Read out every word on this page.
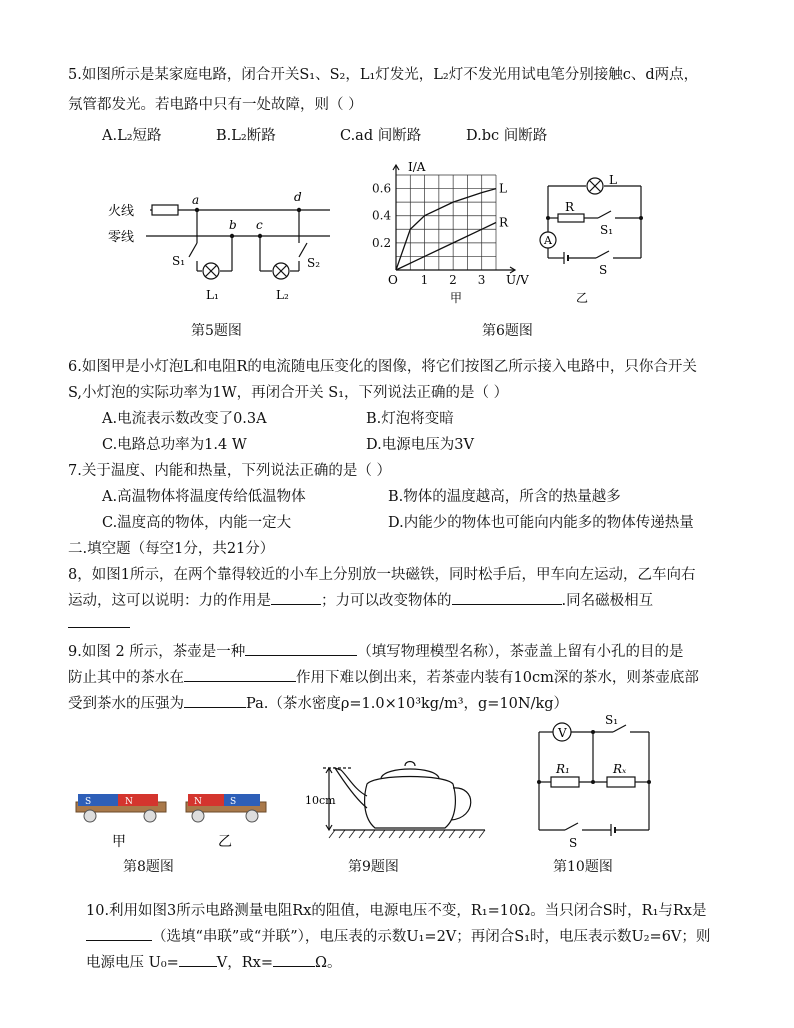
5.如图所示是某家庭电路，闭合开关S₁、S₂，L₁灯发光，L₂灯不发光用试电笔分别接触c、d两点，
氖管都发光。若电路中只有一处故障，则（ ）
A.L₂短路	B.L₂断路	C.ad 间断路	D.bc 间断路
火线
零线
a
b c
d
S₁	S₂
L₁	L₂
第5题图
L
R
1 2 3
0.2
0.4
0.6
I/A
U/V
O
甲
L
R
S₁
A
S
乙
第6题图
6.如图甲是小灯泡L和电阻R的电流随电压变化的图像，将它们按图乙所示接入电路中，只你合开关
S,小灯泡的实际功率为1W，再闭合开关 S₁，下列说法正确的是（ ）
A.电流表示数改变了0.3A	B.灯泡将变暗
C.电路总功率为1.4 W	D.电源电压为3V
7.关于温度、内能和热量，下列说法正确的是（ ）
A.高温物体将温度传给低温物体	B.物体的温度越高，所含的热量越多
C.温度高的物体，内能一定大	D.内能少的物体也可能向内能多的物体传递热量
二.填空题（每空1分，共21分）
8，如图1所示，在两个靠得较近的小车上分别放一块磁铁，同时松手后，甲车向左运动，乙车向右
运动，这可以说明：力的作用是	；力可以改变物体的	.同名磁极相互
9.如图 2 所示，茶壶是一种	（填写物理模型名称），茶壶盖上留有小孔的目的是
防止其中的茶水在	作用下难以倒出来，若茶壶内装有10cm深的茶水，则茶壶底部
受到茶水的压强为	Pa.（茶水密度ρ=1.0×10³kg/m³，g=10N/kg）
S	N	N	S
甲	乙
第8题图
10cm
第9题图
V
S₁
R₁	Rₓ
S
第10题图
10.利用如图3所示电路测量电阻Rx的阻值，电源电压不变，R₁=10Ω。当只闭合S时，R₁与Rx是
（选填“串联”或“并联”），电压表的示数U₁=2V；再闭合S₁时，电压表示数U₂=6V；则
电源电压 U₀=	V，Rx=	Ω。
